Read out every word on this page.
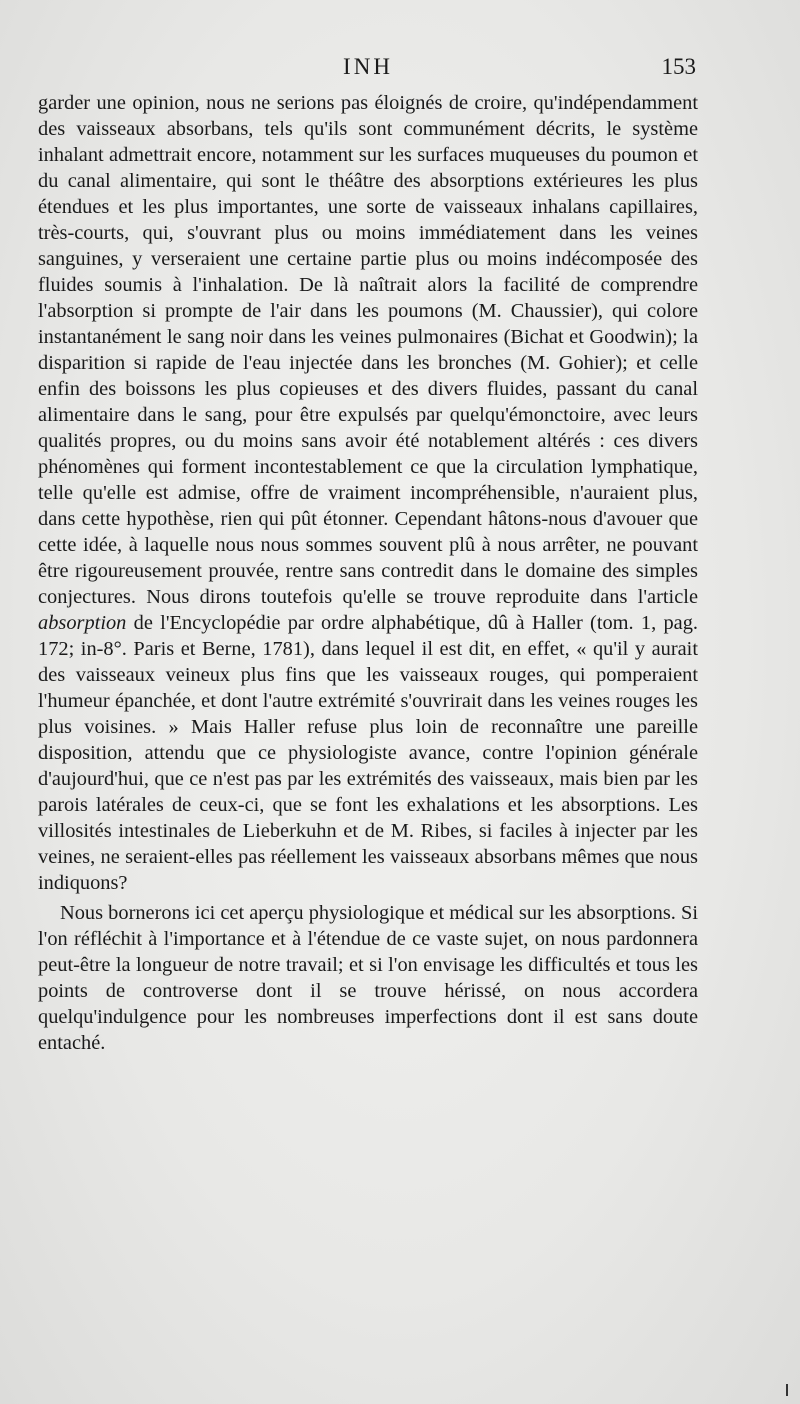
INH	153

garder une opinion, nous ne serions pas éloignés de croire, qu'indépendamment des vaisseaux absorbans, tels qu'ils sont communément décrits, le système inhalant admettrait encore, notamment sur les surfaces muqueuses du poumon et du canal alimentaire, qui sont le théâtre des absorptions extérieures les plus étendues et les plus importantes, une sorte de vaisseaux inhalans capillaires, très-courts, qui, s'ouvrant plus ou moins immédiatement dans les veines sanguines, y verseraient une certaine partie plus ou moins indécomposée des fluides soumis à l'inhalation. De là naîtrait alors la facilité de comprendre l'absorption si prompte de l'air dans les poumons (M. Chaussier), qui colore instantanément le sang noir dans les veines pulmonaires (Bichat et Goodwin); la disparition si rapide de l'eau injectée dans les bronches (M. Gohier); et celle enfin des boissons les plus copieuses et des divers fluides, passant du canal alimentaire dans le sang, pour être expulsés par quelqu'émonctoire, avec leurs qualités propres, ou du moins sans avoir été notablement altérés : ces divers phénomènes qui forment incontestablement ce que la circulation lymphatique, telle qu'elle est admise, offre de vraiment incompréhensible, n'auraient plus, dans cette hypothèse, rien qui pût étonner. Cependant hâtons-nous d'avouer que cette idée, à laquelle nous nous sommes souvent plû à nous arrêter, ne pouvant être rigoureusement prouvée, rentre sans contredit dans le domaine des simples conjectures. Nous dirons toutefois qu'elle se trouve reproduite dans l'article absorption de l'Encyclopédie par ordre alphabétique, dû à Haller (tom. 1, pag. 172; in-8°. Paris et Berne, 1781), dans lequel il est dit, en effet, « qu'il y aurait des vaisseaux veineux plus fins que les vaisseaux rouges, qui pomperaient l'humeur épanchée, et dont l'autre extrémité s'ouvrirait dans les veines rouges les plus voisines. » Mais Haller refuse plus loin de reconnaître une pareille disposition, attendu que ce physiologiste avance, contre l'opinion générale d'aujourd'hui, que ce n'est pas par les extrémités des vaisseaux, mais bien par les parois latérales de ceux-ci, que se font les exhalations et les absorptions. Les villosités intestinales de Lieberkuhn et de M. Ribes, si faciles à injecter par les veines, ne seraient-elles pas réellement les vaisseaux absorbans mêmes que nous indiquons?

Nous bornerons ici cet aperçu physiologique et médical sur les absorptions. Si l'on réfléchit à l'importance et à l'étendue de ce vaste sujet, on nous pardonnera peut-être la longueur de notre travail; et si l'on envisage les difficultés et tous les points de controverse dont il se trouve hérissé, on nous accordera quelqu'indulgence pour les nombreuses imperfections dont il est sans doute entaché.
